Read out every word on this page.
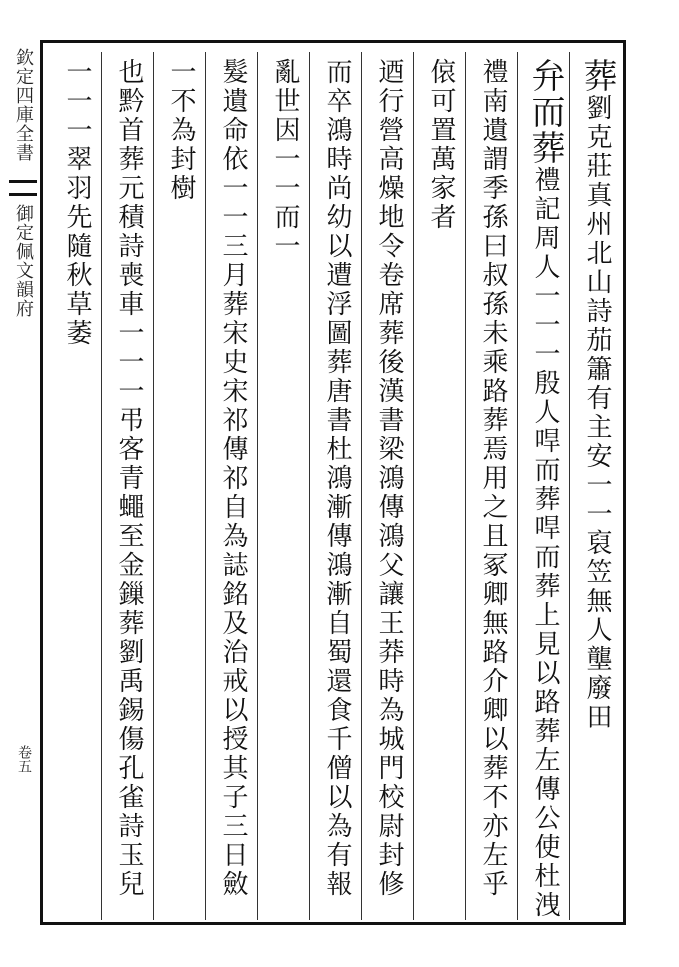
欽定四庫全書
御定佩文韻府
卷五
葬劉克莊真州北山詩茄簫有主安一一裒笠無人壟廢田
弁而葬禮記周人一一一殷人哻而葬哻而葬上見以路葬左傳公使杜洩
禮南遺謂季孫曰叔孫未乘路葬焉用之且冢卿無路介卿以葬不亦左乎
偯可置萬家者
迺行營高燥地令卷席葬後漢書梁鴻傳鴻父讓王莽時為城門校尉封修
而卒鴻時尚幼以遭浮圖葬唐書杜鴻漸傳鴻漸自蜀還食千僧以為有報
亂世因一一而一
髮遺命依一一三月葬宋史宋祁傳祁自為誌銘及治戒以授其子三日斂
一不為封樹
也黔首葬元積詩喪車一一一弔客青蠅至金鏁葬劉禹錫傷孔雀詩玉兒
一一一翠羽先隨秋草萎
